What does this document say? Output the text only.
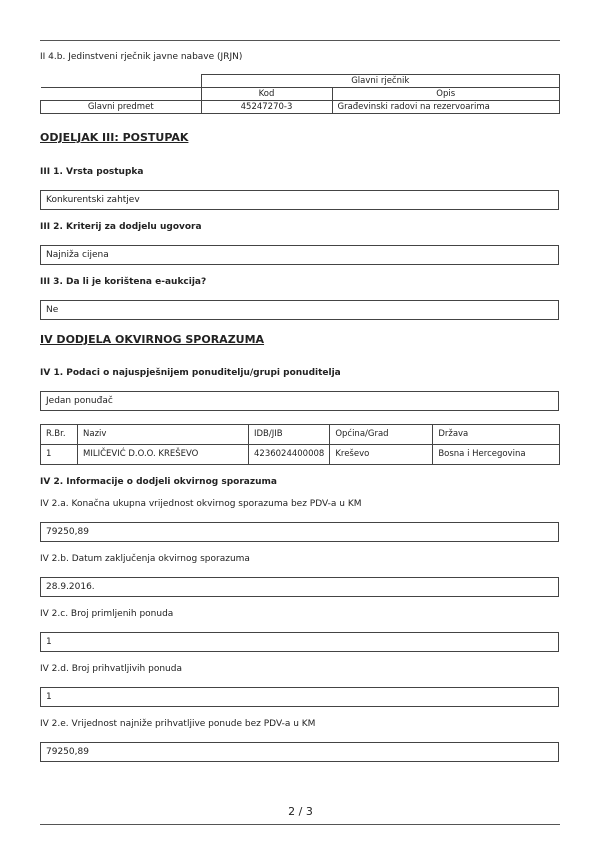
II 4.b. Jedinstveni rječnik javne nabave (JRJN)
	Glavni rječnik	
	Kod	Opis
Glavni predmet	45247270-3	Građevinski radovi na rezervoarima
ODJELJAK III: POSTUPAK
III 1. Vrsta postupka
Konkurentski zahtjev
III 2. Kriterij za dodjelu ugovora
Najniža cijena
III 3. Da li je korištena e-aukcija?
Ne
IV DODJELA OKVIRNOG SPORAZUMA
IV 1. Podaci o najuspješnijem ponuditelju/grupi ponuditelja
Jedan ponuđač
R.Br.	Naziv	IDB/JIB	Općina/Grad	Država
1	MILIČEVIĆ D.O.O. KREŠEVO	4236024400008	Kreševo	Bosna i Hercegovina
IV 2. Informacije o dodjeli okvirnog sporazuma
IV 2.a. Konačna ukupna vrijednost okvirnog sporazuma bez PDV-a u KM
79250,89
IV 2.b. Datum zaključenja okvirnog sporazuma
28.9.2016.
IV 2.c. Broj primljenih ponuda
1
IV 2.d. Broj prihvatljivih ponuda
1
IV 2.e. Vrijednost najniže prihvatljive ponude bez PDV-a u KM
79250,89
2 / 3
